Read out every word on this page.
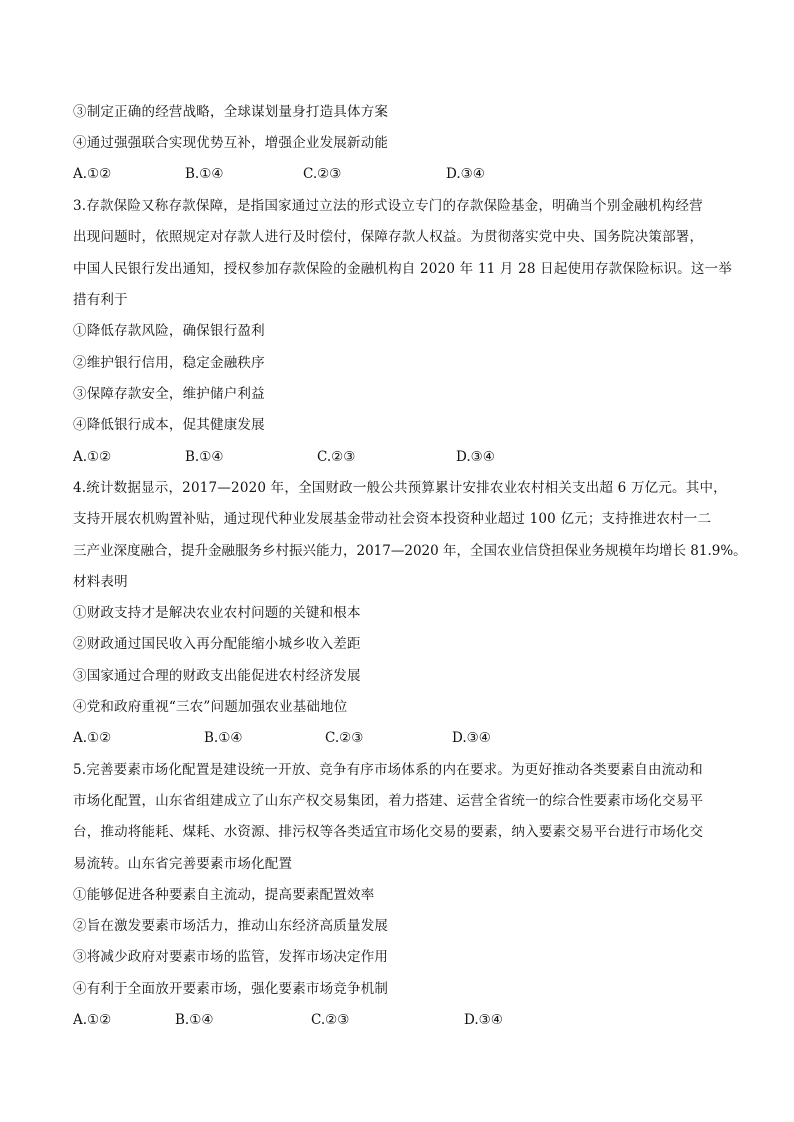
③制定正确的经营战略，全球谋划量身打造具体方案
④通过强强联合实现优势互补，增强企业发展新动能
A.①②	B.①④	C.②③	D.③④
3.存款保险又称存款保障，是指国家通过立法的形式设立专门的存款保险基金，明确当个别金融机构经营
出现问题时，依照规定对存款人进行及时偿付，保障存款人权益。为贯彻落实党中央、国务院决策部署，
中国人民银行发出通知，授权参加存款保险的金融机构自 2020 年 11 月 28 日起使用存款保险标识。这一举
措有利于
①降低存款风险，确保银行盈利
②维护银行信用，稳定金融秩序
③保障存款安全，维护储户利益
④降低银行成本，促其健康发展
A.①②	B.①④	C.②③	D.③④
4.统计数据显示，2017—2020 年，全国财政一般公共预算累计安排农业农村相关支出超 6 万亿元。其中，
支持开展农机购置补贴，通过现代种业发展基金带动社会资本投资种业超过 100 亿元；支持推进农村一二
三产业深度融合，提升金融服务乡村振兴能力，2017—2020 年，全国农业信贷担保业务规模年均增长 81.9%。
材料表明
①财政支持才是解决农业农村问题的关键和根本
②财政通过国民收入再分配能缩小城乡收入差距
③国家通过合理的财政支出能促进农村经济发展
④党和政府重视“三农”问题加强农业基础地位
A.①②	B.①④	C.②③	D.③④
5.完善要素市场化配置是建设统一开放、竞争有序市场体系的内在要求。为更好推动各类要素自由流动和
市场化配置，山东省组建成立了山东产权交易集团，着力搭建、运营全省统一的综合性要素市场化交易平
台，推动将能耗、煤耗、水资源、排污权等各类适宜市场化交易的要素，纳入要素交易平台进行市场化交
易流转。山东省完善要素市场化配置
①能够促进各种要素自主流动，提高要素配置效率
②旨在激发要素市场活力，推动山东经济高质量发展
③将减少政府对要素市场的监管，发挥市场决定作用
④有利于全面放开要素市场，强化要素市场竞争机制
A.①②	B.①④	C.②③	D.③④
